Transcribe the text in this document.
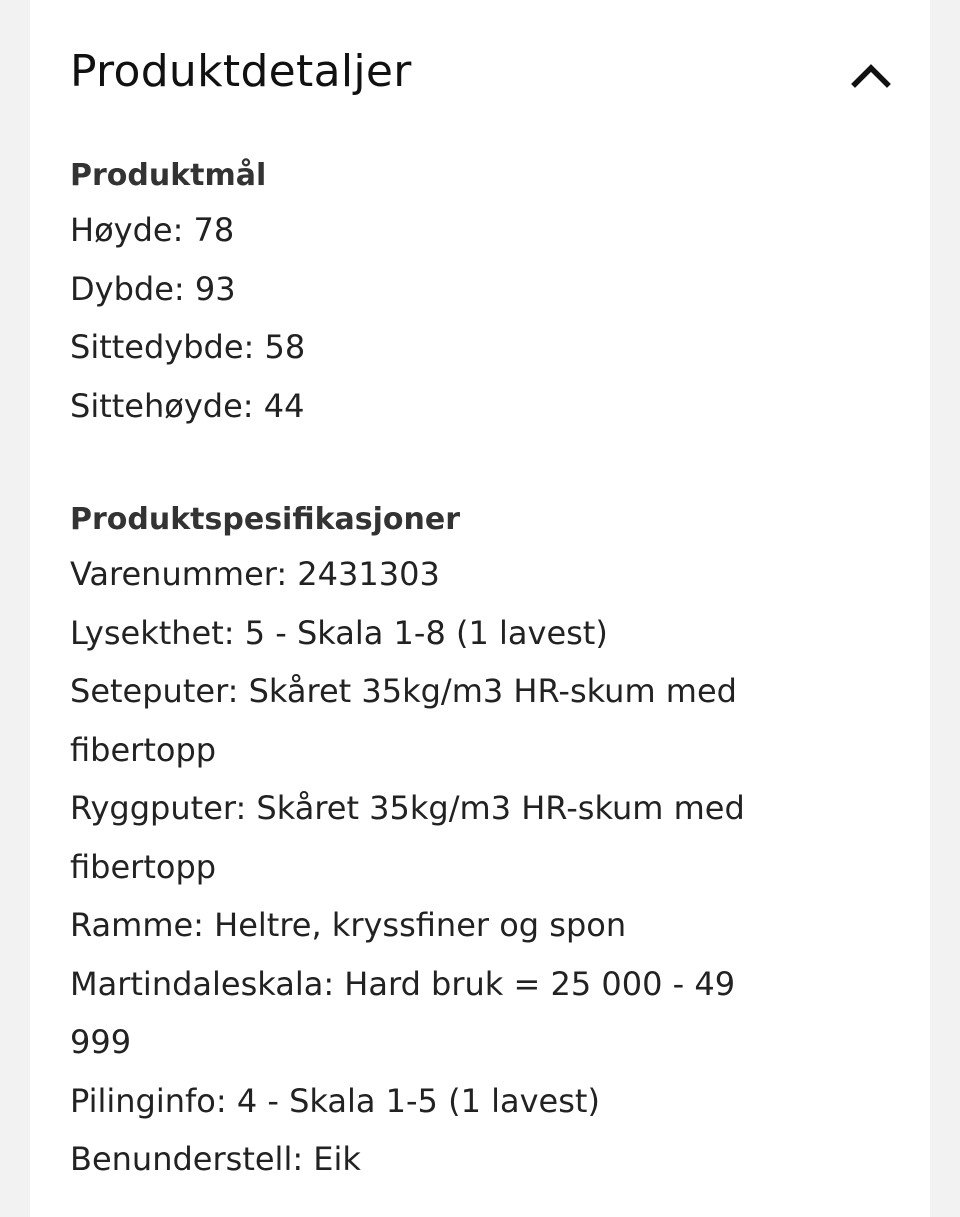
Produktdetaljer

Produktmål

Høyde: 78

Dybde: 93

Sittedybde: 58

Sittehøyde: 44

Produktspesifikasjoner

Varenummer: 2431303

Lysekthet: 5 - Skala 1-8 (1 lavest)

Seteputer: Skåret 35kg/m3 HR-skum med

fibertopp

Ryggputer: Skåret 35kg/m3 HR-skum med

fibertopp

Ramme: Heltre, kryssfiner og spon

Martindaleskala: Hard bruk = 25 000 - 49

999

Pilinginfo: 4 - Skala 1-5 (1 lavest)

Benunderstell: Eik
